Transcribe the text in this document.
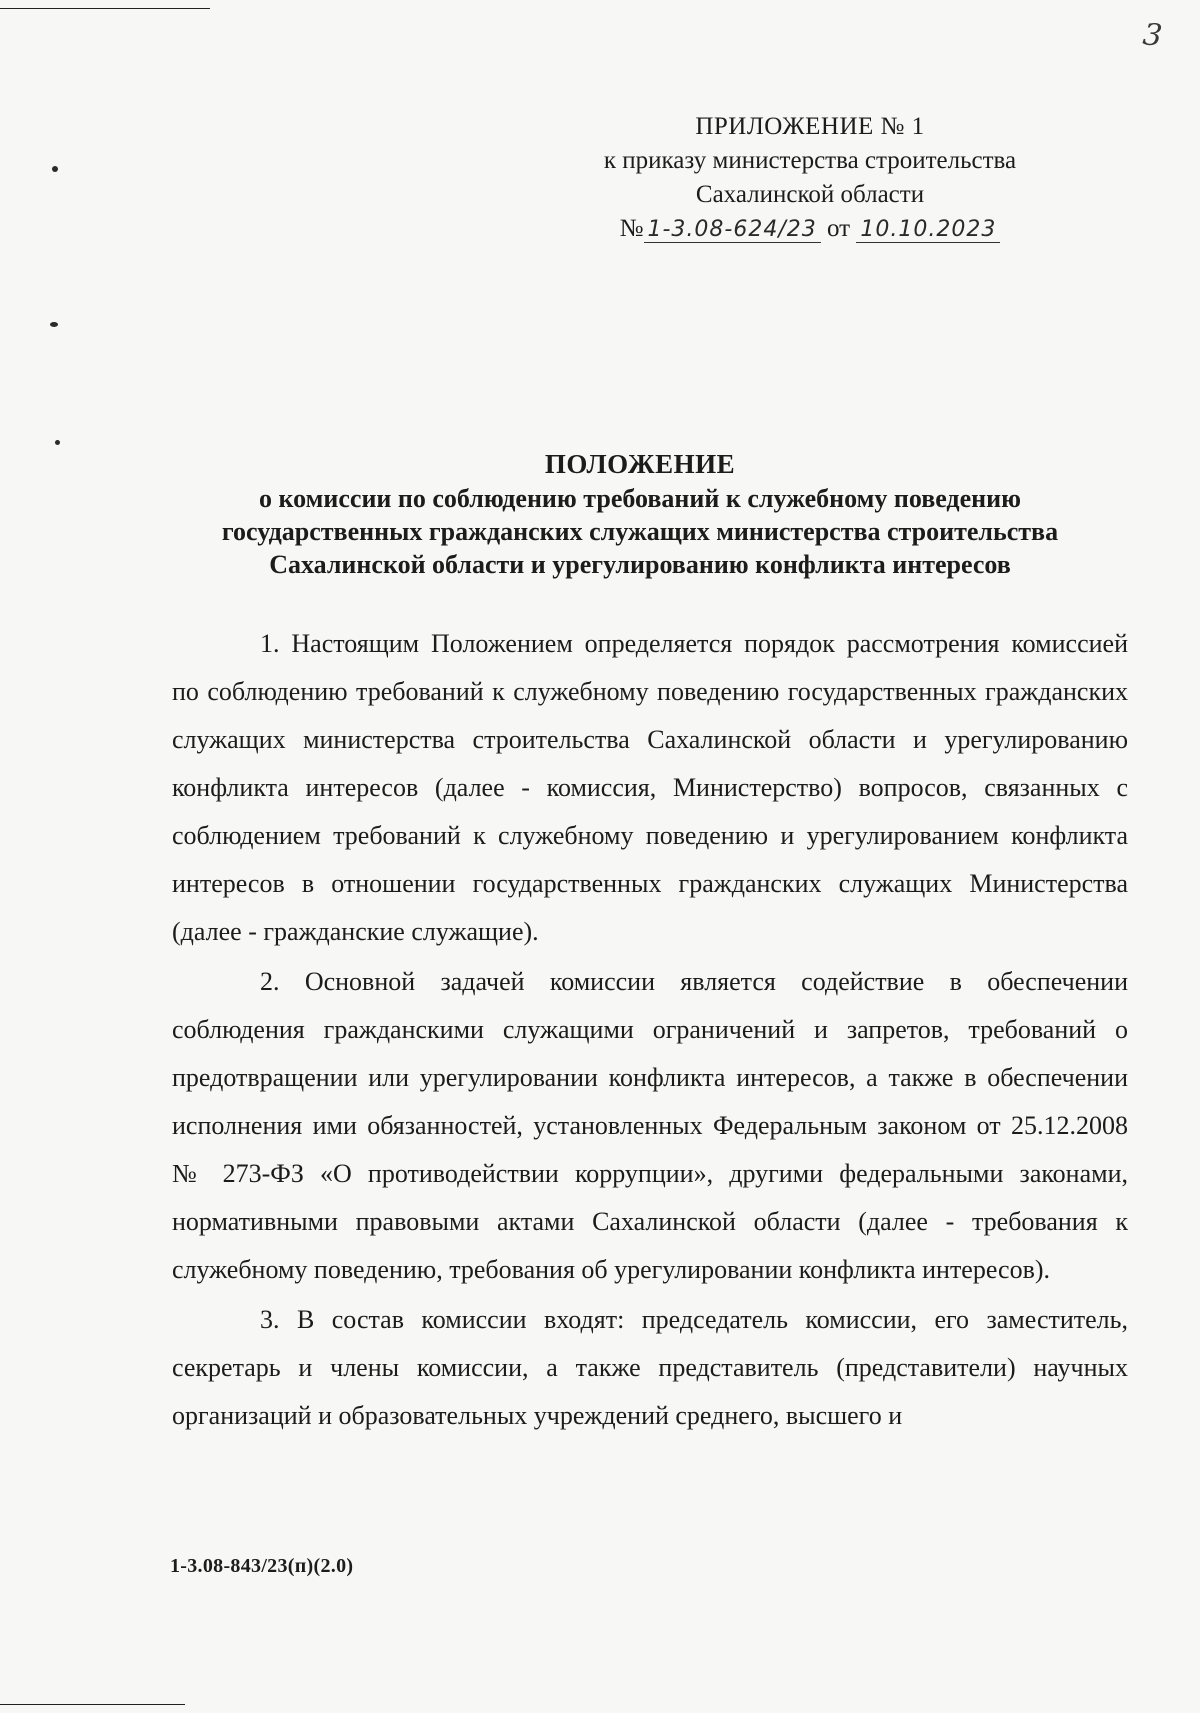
3
ПРИЛОЖЕНИЕ № 1
к приказу министерства строительства
Сахалинской области
№ 1-3.08-624/23 от 10.10.2023
ПОЛОЖЕНИЕ
о комиссии по соблюдению требований к служебному поведению
государственных гражданских служащих министерства строительства
Сахалинской области и урегулированию конфликта интересов

1. Настоящим Положением определяется порядок рассмотрения комиссией по соблюдению требований к служебному поведению государственных гражданских служащих министерства строительства Сахалинской области и урегулированию конфликта интересов (далее - комиссия, Министерство) вопросов, связанных с соблюдением требований к служебному поведению и урегулированием конфликта интересов в отношении государственных гражданских служащих Министерства (далее - гражданские служащие).

2. Основной задачей комиссии является содействие в обеспечении соблюдения гражданскими служащими ограничений и запретов, требований о предотвращении или урегулировании конфликта интересов, а также в обеспечении исполнения ими обязанностей, установленных Федеральным законом от 25.12.2008 № 273-ФЗ «О противодействии коррупции», другими федеральными законами, нормативными правовыми актами Сахалинской области (далее - требования к служебному поведению, требования об урегулировании конфликта интересов).

3. В состав комиссии входят: председатель комиссии, его заместитель, секретарь и члены комиссии, а также представитель (представители) научных организаций и образовательных учреждений среднего, высшего и

1-3.08-843/23(п)(2.0)
